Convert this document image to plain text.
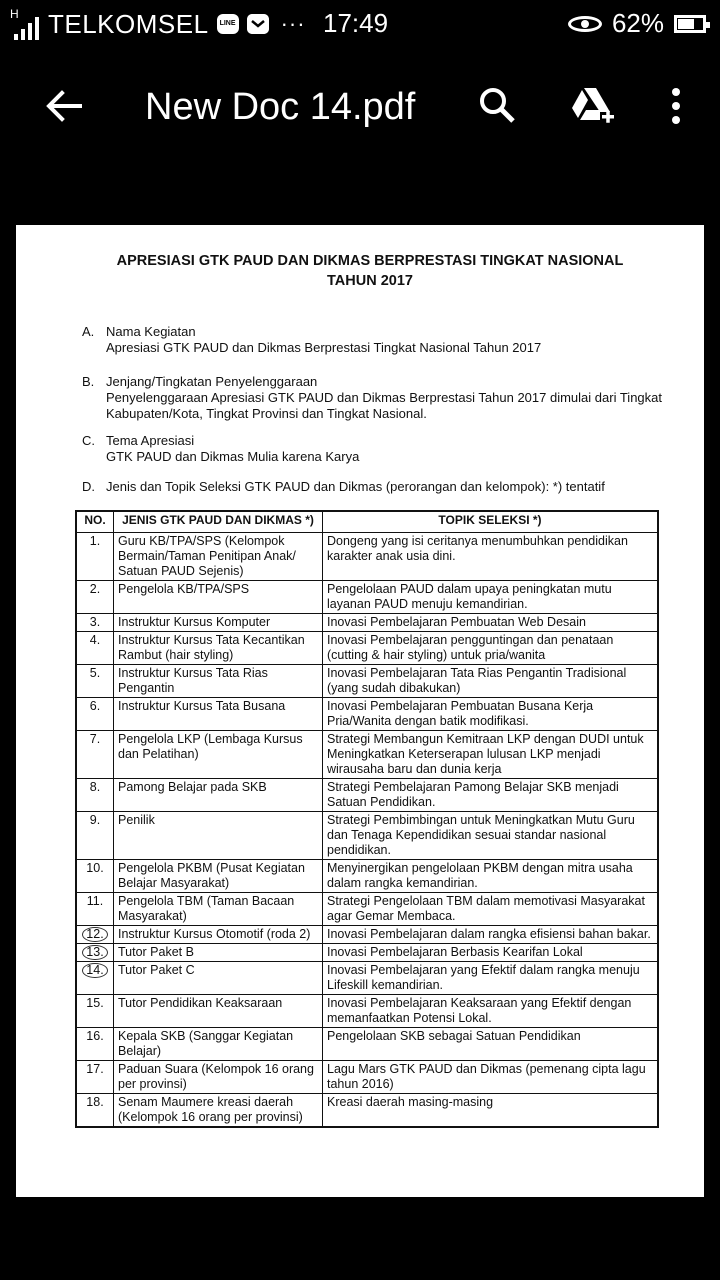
H TELKOMSEL	LINE ··· 17:49	62%
New Doc 14.pdf
APRESIASI GTK PAUD DAN DIKMAS BERPRESTASI TINGKAT NASIONAL
TAHUN 2017
A. Nama Kegiatan
Apresiasi GTK PAUD dan Dikmas Berprestasi Tingkat Nasional Tahun 2017
B. Jenjang/Tingkatan Penyelenggaraan
Penyelenggaraan Apresiasi GTK PAUD dan Dikmas Berprestasi Tahun 2017 dimulai dari Tingkat Kabupaten/Kota, Tingkat Provinsi dan Tingkat Nasional.
C. Tema Apresiasi
GTK PAUD dan Dikmas Mulia karena Karya
D. Jenis dan Topik Seleksi GTK PAUD dan Dikmas (perorangan dan kelompok): *) tentatif
NO.	JENIS GTK PAUD DAN DIKMAS *)	TOPIK SELEKSI *)
1.	Guru KB/TPA/SPS (Kelompok Bermain/Taman Penitipan Anak/ Satuan PAUD Sejenis)	Dongeng yang isi ceritanya menumbuhkan pendidikan karakter anak usia dini.
2.	Pengelola KB/TPA/SPS	Pengelolaan PAUD dalam upaya peningkatan mutu layanan PAUD menuju kemandirian.
3.	Instruktur Kursus Komputer	Inovasi Pembelajaran Pembuatan Web Desain
4.	Instruktur Kursus Tata Kecantikan Rambut (hair styling)	Inovasi Pembelajaran pengguntingan dan penataan (cutting & hair styling) untuk pria/wanita
5.	Instruktur Kursus Tata Rias Pengantin	Inovasi Pembelajaran Tata Rias Pengantin Tradisional (yang sudah dibakukan)
6.	Instruktur Kursus Tata Busana	Inovasi Pembelajaran Pembuatan Busana Kerja Pria/Wanita dengan batik modifikasi.
7.	Pengelola LKP (Lembaga Kursus dan Pelatihan)	Strategi Membangun Kemitraan LKP dengan DUDI untuk Meningkatkan Keterserapan lulusan LKP menjadi wirausaha baru dan dunia kerja
8.	Pamong Belajar pada SKB	Strategi Pembelajaran Pamong Belajar SKB menjadi Satuan Pendidikan.
9.	Penilik	Strategi Pembimbingan untuk Meningkatkan Mutu Guru dan Tenaga Kependidikan sesuai standar nasional pendidikan.
10.	Pengelola PKBM (Pusat Kegiatan Belajar Masyarakat)	Menyinergikan pengelolaan PKBM dengan mitra usaha dalam rangka kemandirian.
11.	Pengelola TBM (Taman Bacaan Masyarakat)	Strategi Pengelolaan TBM dalam memotivasi Masyarakat agar Gemar Membaca.
12.	Instruktur Kursus Otomotif (roda 2)	Inovasi Pembelajaran dalam rangka efisiensi bahan bakar.
13.	Tutor Paket B	Inovasi Pembelajaran Berbasis Kearifan Lokal
14.	Tutor Paket C	Inovasi Pembelajaran yang Efektif dalam rangka menuju Lifeskill kemandirian.
15.	Tutor Pendidikan Keaksaraan	Inovasi Pembelajaran Keaksaraan yang Efektif dengan memanfaatkan Potensi Lokal.
16.	Kepala SKB (Sanggar Kegiatan Belajar)	Pengelolaan SKB sebagai Satuan Pendidikan
17.	Paduan Suara (Kelompok 16 orang per provinsi)	Lagu Mars GTK PAUD dan Dikmas (pemenang cipta lagu tahun 2016)
18.	Senam Maumere kreasi daerah (Kelompok 16 orang per provinsi)	Kreasi daerah masing-masing
